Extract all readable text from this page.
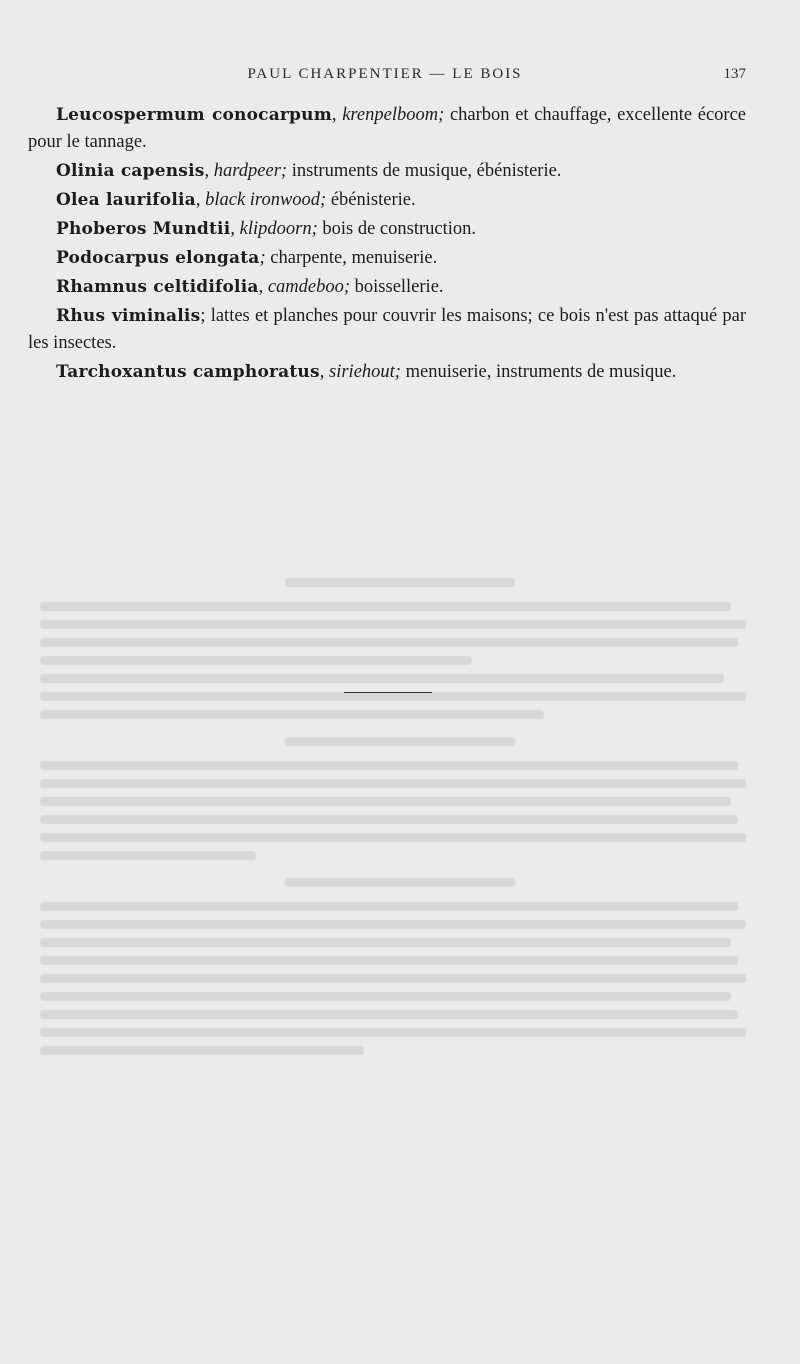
PAUL CHARPENTIER — LE BOIS	137

Leucospermum conocarpum, krenpelboom; charbon et chauffage, excellente écorce pour le tannage.

Olinia capensis, hardpeer; instruments de musique, ébénisterie.

Olea laurifolia, black ironwood; ébénisterie.

Phoberos Mundtii, klipdoorn; bois de construction.

Podocarpus elongata; charpente, menuiserie.

Rhamnus celtidifolia, camdeboo; boissellerie.

Rhus viminalis; lattes et planches pour couvrir les maisons; ce bois n'est pas attaqué par les insectes.

Tarchoxantus camphoratus, siriehout; menuiserie, instruments de musique.
